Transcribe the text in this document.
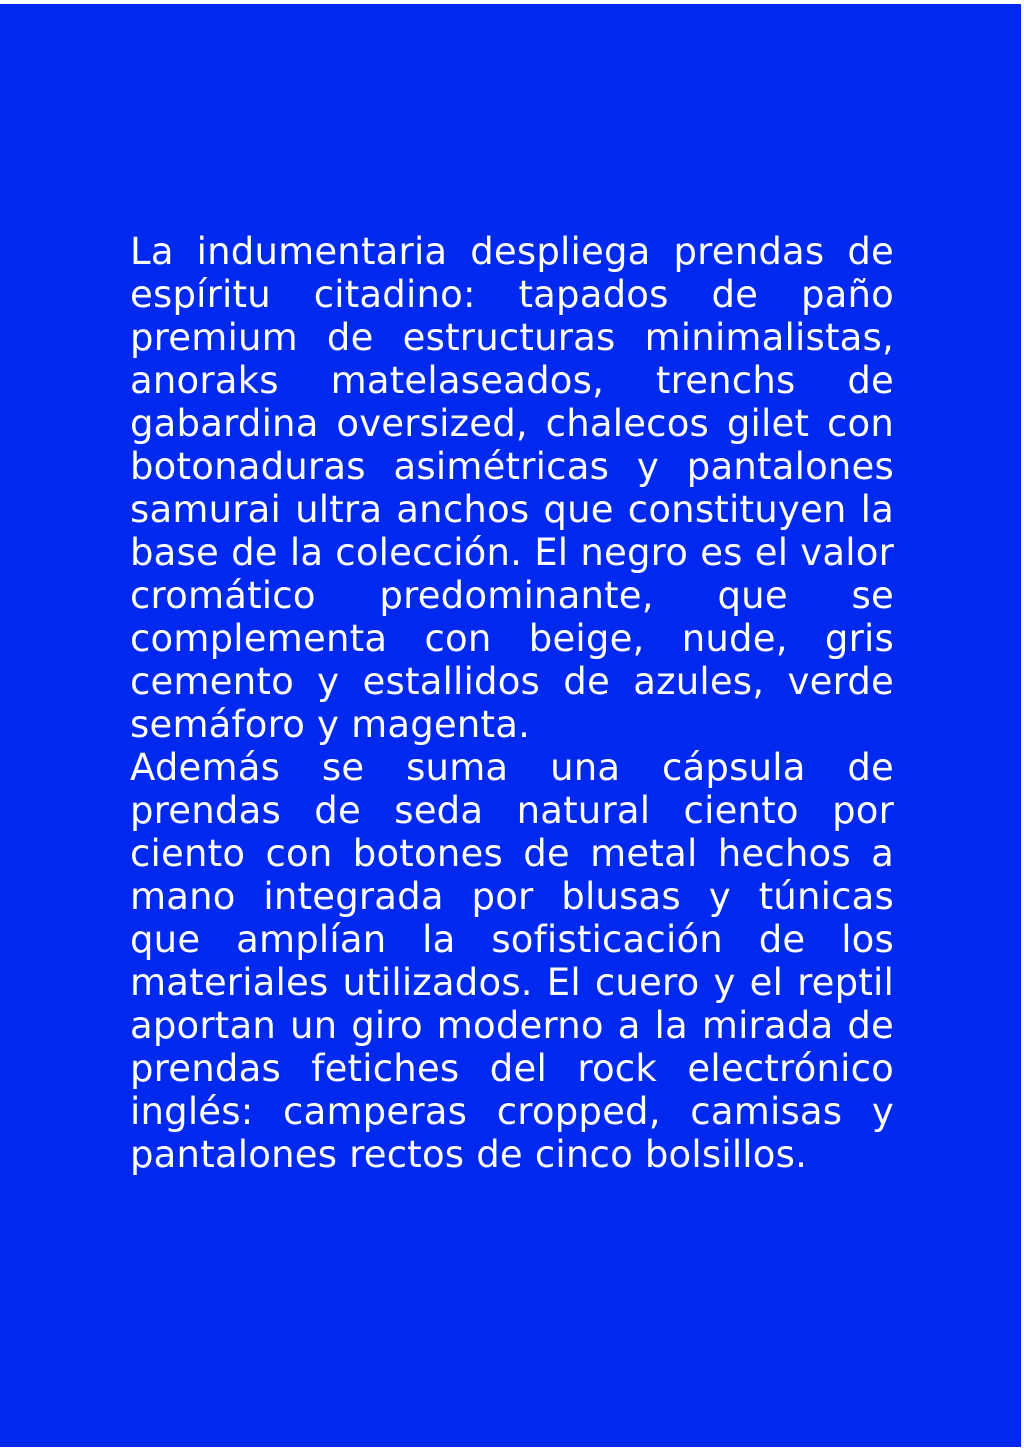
La indumentaria despliega prendas de espíritu citadino: tapados de paño premium de estructuras minimalistas, anoraks matelaseados, trenchs de gabardina oversized, chalecos gilet con botonaduras asimétricas y pantalones samurai ultra anchos que constituyen la base de la colección. El negro es el valor cromático predominante, que se complementa con beige, nude, gris cemento y estallidos de azules, verde semáforo y magenta.

Además se suma una cápsula de prendas de seda natural ciento por ciento con botones de metal hechos a mano integrada por blusas y túnicas que amplían la sofisticación de los materiales utilizados. El cuero y el reptil aportan un giro moderno a la mirada de prendas fetiches del rock electrónico inglés: camperas cropped, camisas y pantalones rectos de cinco bolsillos.
